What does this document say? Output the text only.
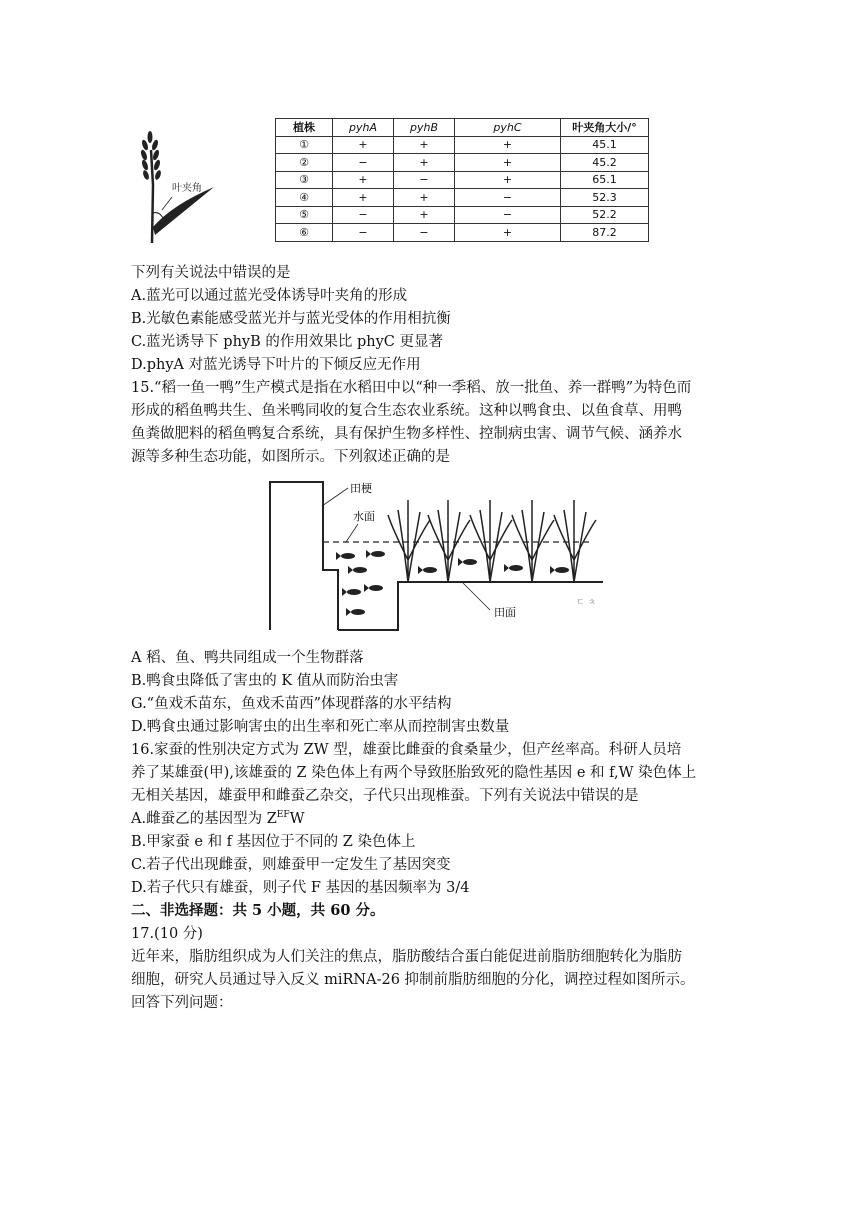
叶夹角
植株	pyhA	pyhB	pyhC	叶夹角大小/°
①	+	+	+	45.1
②	−	+	+	45.2
③	+	−	+	65.1
④	+	+	−	52.3
⑤	−	+	−	52.2
⑥	−	−	+	87.2
下列有关说法中错误的是
A.蓝光可以通过蓝光受体诱导叶夹角的形成
B.光敏色素能感受蓝光并与蓝光受体的作用相抗衡
C.蓝光诱导下 phyB 的作用效果比 phyC 更显著
D.phyA 对蓝光诱导下叶片的下倾反应无作用
15.“稻一鱼一鸭”生产模式是指在水稻田中以“种一季稻、放一批鱼、养一群鸭”为特色而
形成的稻鱼鸭共生、鱼米鸭同收的复合生态农业系统。这种以鸭食虫、以鱼食草、用鸭
鱼粪做肥料的稻鱼鸭复合系统，具有保护生物多样性、控制病虫害、调节气候、涵养水
源等多种生态功能，如图所示。下列叙述正确的是
田梗
水面
田面
ㄷ ㅊ
A 稻、鱼、鸭共同组成一个生物群落
B.鸭食虫降低了害虫的 K 值从而防治虫害
G.“鱼戏禾苗东，鱼戏禾苗西”体现群落的水平结构
D.鸭食虫通过影响害虫的出生率和死亡率从而控制害虫数量
16.家蚕的性别决定方式为 ZW 型，雄蚕比雌蚕的食桑量少，但产丝率高。科研人员培
养了某雄蚕(甲),该雄蚕的 Z 染色体上有两个导致胚胎致死的隐性基因 e 和 f,W 染色体上
无相关基因，雄蚕甲和雌蚕乙杂交，子代只出现椎蚕。下列有关说法中错误的是
A.雌蚕乙的基因型为 $Z^{EF}W$
B.甲家蚕 e 和 f 基因位于不同的 Z 染色体上
C.若子代出现雌蚕，则雄蚕甲一定发生了基因突变
D.若子代只有雄蚕，则子代 F 基因的基因频率为 3/4
二、非选择题：共 5 小题，共 60 分。
17.(10 分)
近年来，脂肪组织成为人们关注的焦点，脂肪酸结合蛋白能促进前脂肪细胞转化为脂肪
细胞，研究人员通过导入反义 miRNA-26 抑制前脂肪细胞的分化，调控过程如图所示。
回答下列问题：
